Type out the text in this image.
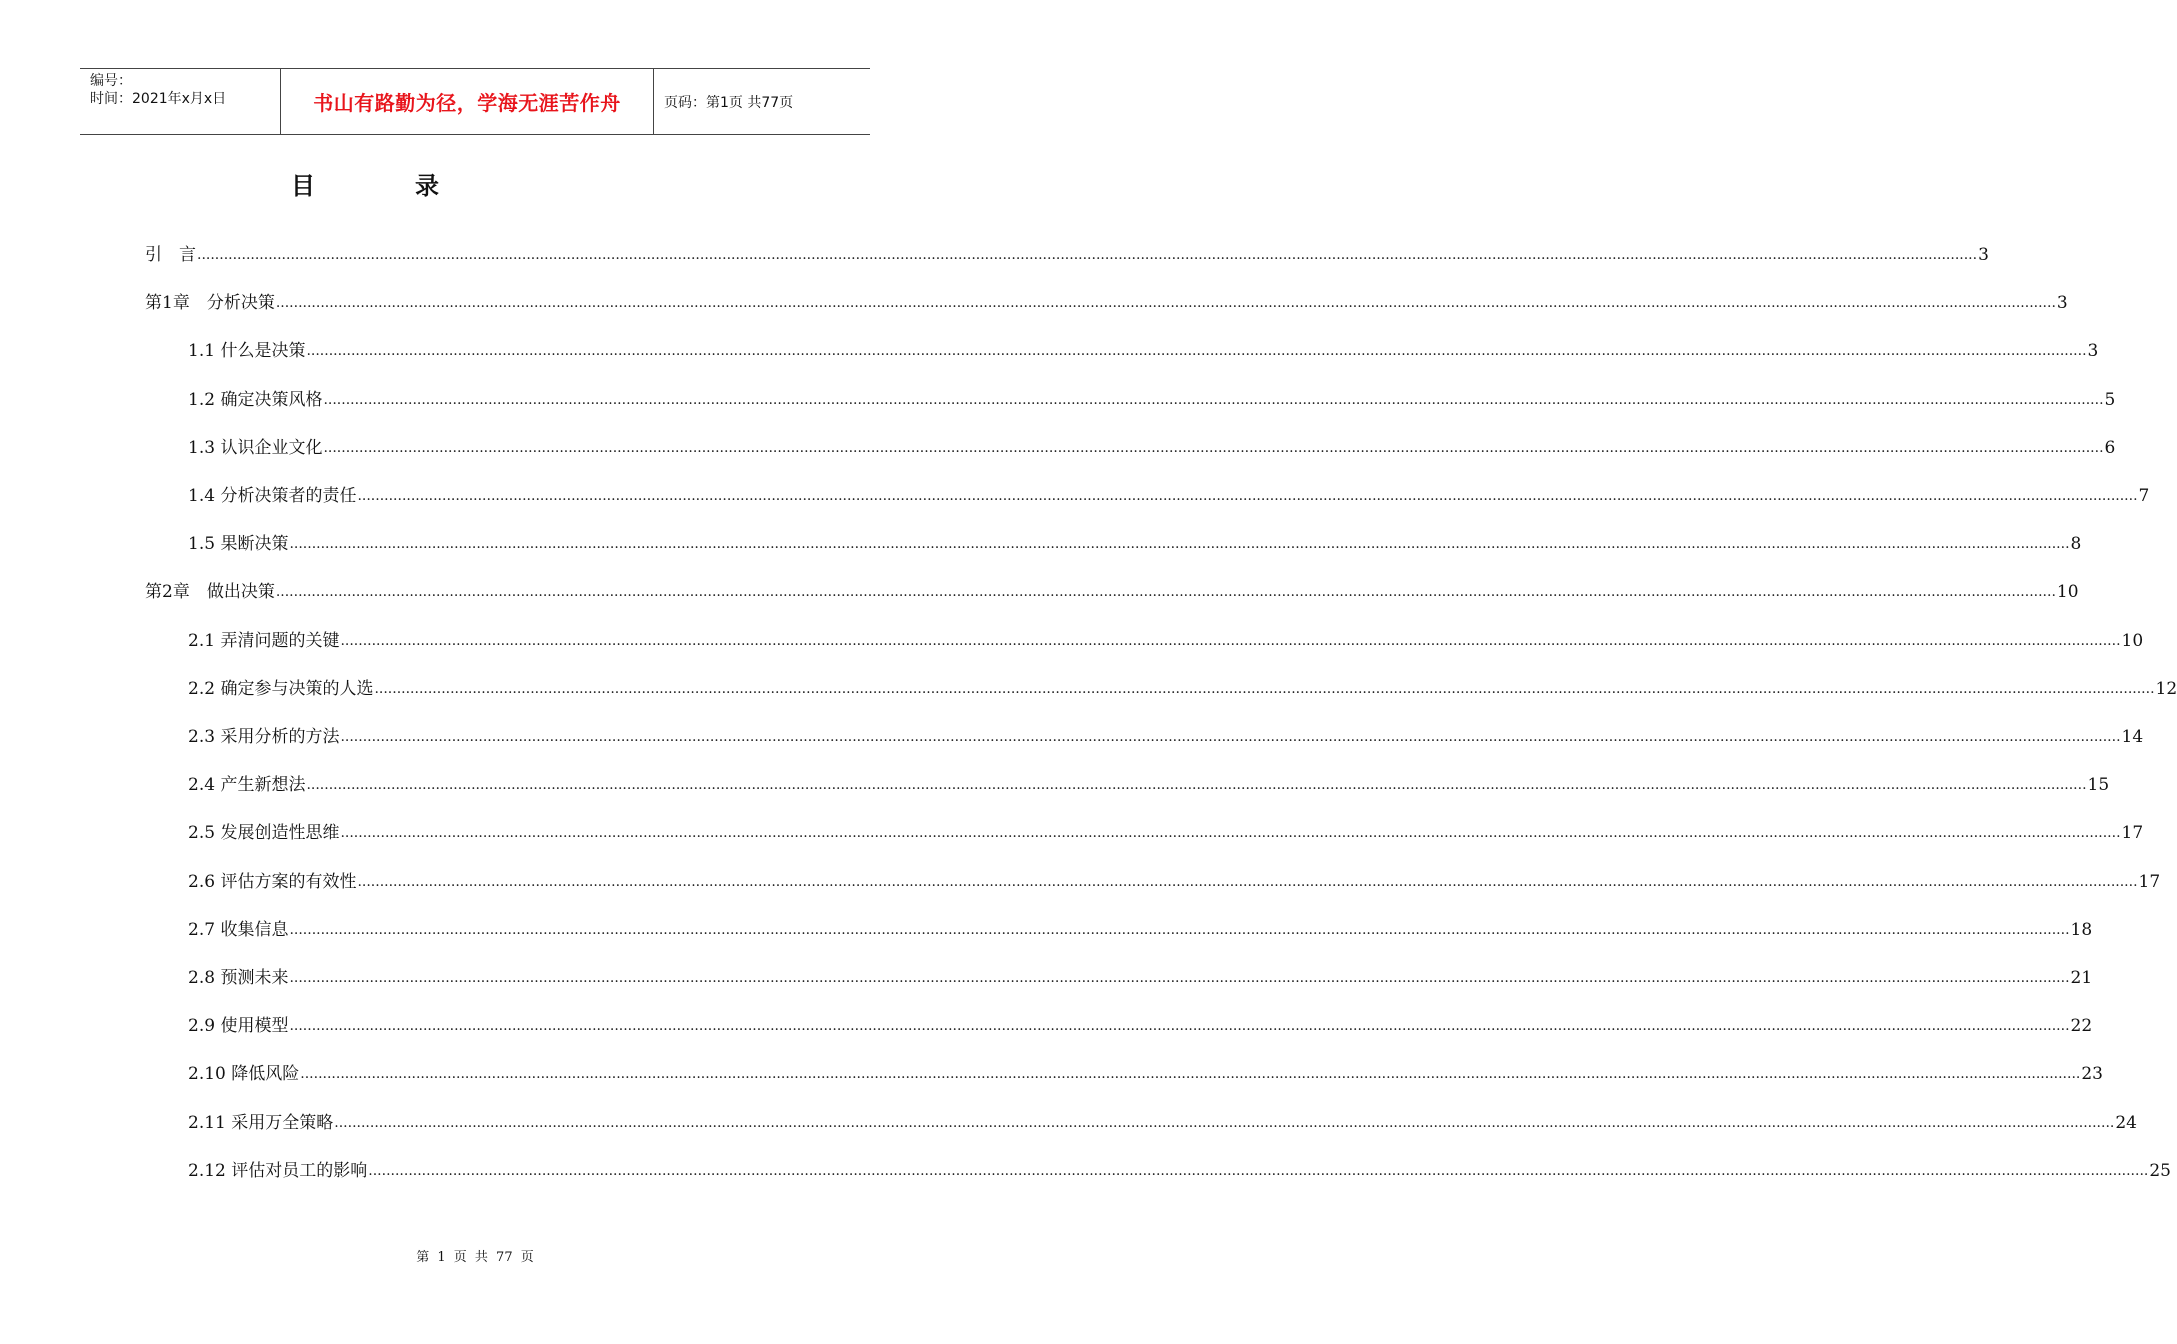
编号：
时间：2021年x月x日	书山有路勤为径，学海无涯苦作舟	页码：第1页 共77页
目录
引　言 ................................................................................................................................................................................................................................................................................................................................................................................................................ 3
第1章　分析决策 ................................................................................................................................................................................................................................................................................................................................................................................................................ 3
1.1 什么是决策 ................................................................................................................................................................................................................................................................................................................................................................................................................ 3
1.2 确定决策风格 ................................................................................................................................................................................................................................................................................................................................................................................................................ 5
1.3 认识企业文化 ................................................................................................................................................................................................................................................................................................................................................................................................................ 6
1.4 分析决策者的责任 ................................................................................................................................................................................................................................................................................................................................................................................................................ 7
1.5 果断决策 ................................................................................................................................................................................................................................................................................................................................................................................................................ 8
第2章　做出决策 ................................................................................................................................................................................................................................................................................................................................................................................................................ 10
2.1 弄清问题的关键 ................................................................................................................................................................................................................................................................................................................................................................................................................ 10
2.2 确定参与决策的人选 ................................................................................................................................................................................................................................................................................................................................................................................................................ 12
2.3 采用分析的方法 ................................................................................................................................................................................................................................................................................................................................................................................................................ 14
2.4 产生新想法 ................................................................................................................................................................................................................................................................................................................................................................................................................ 15
2.5 发展创造性思维 ................................................................................................................................................................................................................................................................................................................................................................................................................ 17
2.6 评估方案的有效性 ................................................................................................................................................................................................................................................................................................................................................................................................................ 17
2.7 收集信息 ................................................................................................................................................................................................................................................................................................................................................................................................................ 18
2.8 预测未来 ................................................................................................................................................................................................................................................................................................................................................................................................................ 21
2.9 使用模型 ................................................................................................................................................................................................................................................................................................................................................................................................................ 22
2.10 降低风险 ................................................................................................................................................................................................................................................................................................................................................................................................................ 23
2.11 采用万全策略 ................................................................................................................................................................................................................................................................................................................................................................................................................ 24
2.12 评估对员工的影响 ................................................................................................................................................................................................................................................................................................................................................................................................................ 25
第 1 页 共 77 页
